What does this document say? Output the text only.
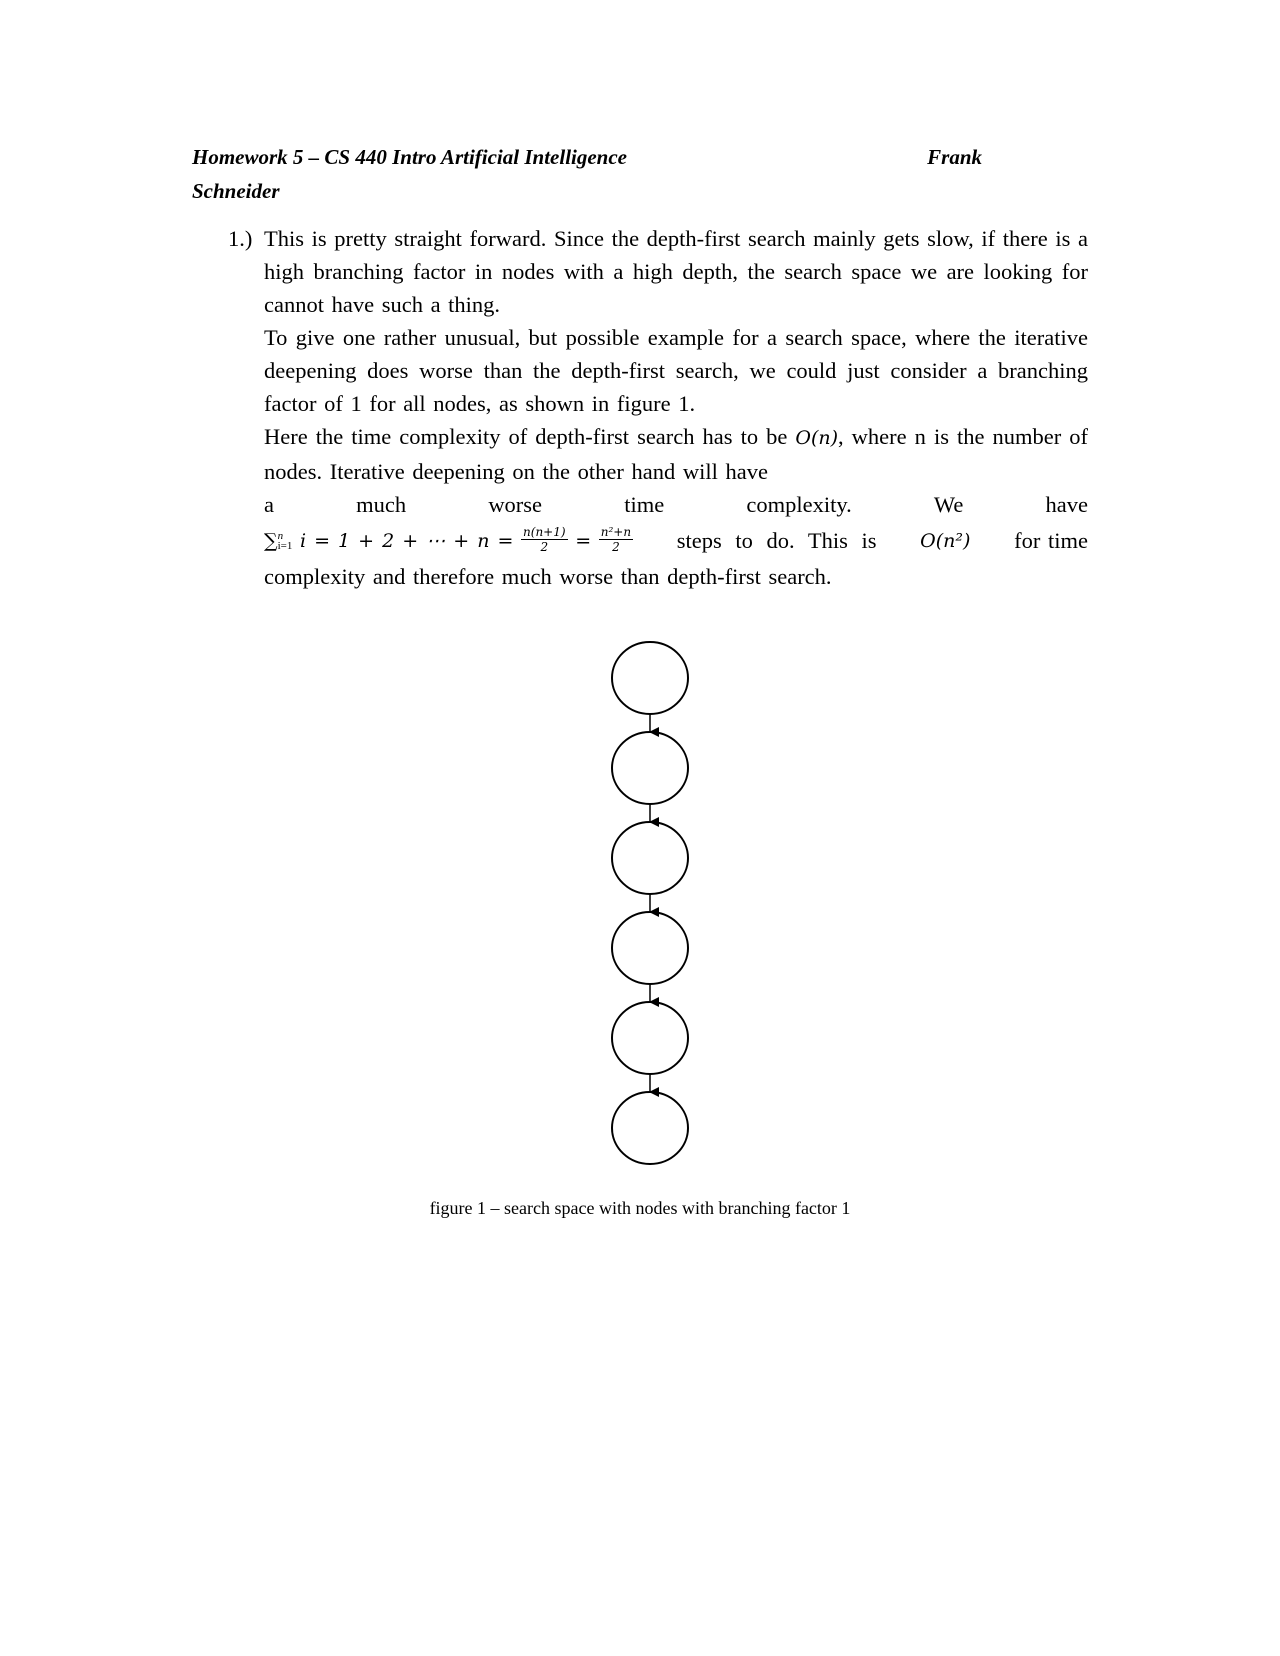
Homework 5 – CS 440 Intro Artificial Intelligence	Frank
Schneider
1.) This is pretty straight forward. Since the depth-first search mainly gets slow, if there is a high branching factor in nodes with a high depth, the search space we are looking for cannot have such a thing.

To give one rather unusual, but possible example for a search space, where the iterative deepening does worse than the depth-first search, we could just consider a branching factor of 1 for all nodes, as shown in figure 1.

Here the time complexity of depth-first search has to be O(n), where n is the number of nodes. Iterative deepening on the other hand will have

a	much	worse	time	complexity.	We	have
∑ n
i=1 i = 1 + 2 + ⋯ + $n = \frac{n(n+1)}{2} = \frac{\text{n²+n}}{2}$ steps to do. This is O(n²) for time

complexity and therefore much worse than depth-first search.

figure 1 – search space with nodes with branching factor 1
